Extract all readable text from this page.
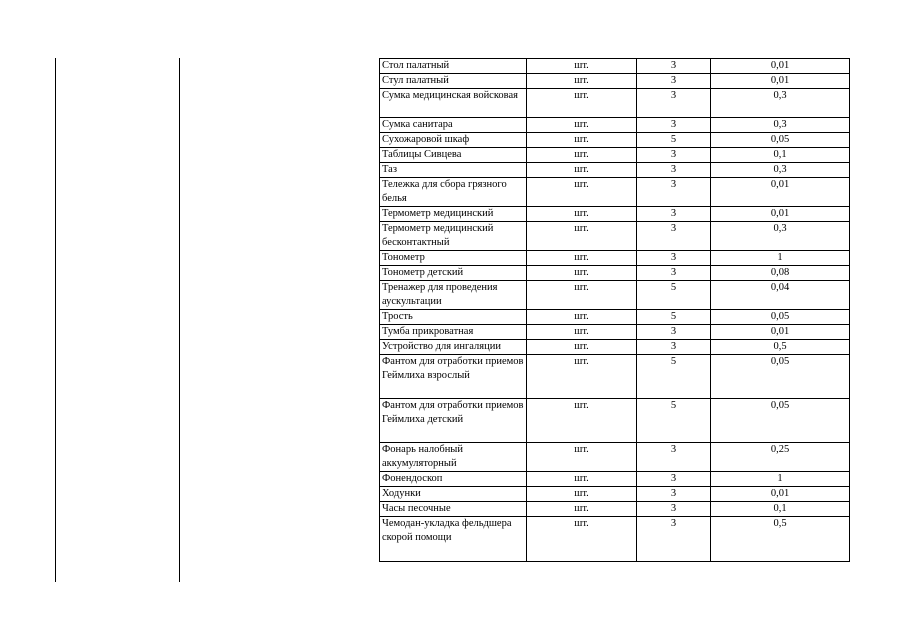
Стол палатный	шт.	3	0,01
Стул палатный	шт.	3	0,01
Сумка медицинская войсковая	шт.	3	0,3
Сумка санитара	шт.	3	0,3
Сухожаровой шкаф	шт.	5	0,05
Таблицы Сивцева	шт.	3	0,1
Таз	шт.	3	0,3
Тележка для сбора грязного белья	шт.	3	0,01
Термометр медицинский	шт.	3	0,01
Термометр медицинский бесконтактный	шт.	3	0,3
Тонометр	шт.	3	1
Тонометр детский	шт.	3	0,08
Тренажер для проведения аускультации	шт.	5	0,04
Трость	шт.	5	0,05
Тумба прикроватная	шт.	3	0,01
Устройство для ингаляции	шт.	3	0,5
Фантом для отработки приемов Геймлиха взрослый	шт.	5	0,05
Фантом для отработки приемов Геймлиха детский	шт.	5	0,05
Фонарь налобный аккумуляторный	шт.	3	0,25
Фонендоскоп	шт.	3	1
Ходунки	шт.	3	0,01
Часы песочные	шт.	3	0,1
Чемодан-укладка фельдшера скорой помощи	шт.	3	0,5
